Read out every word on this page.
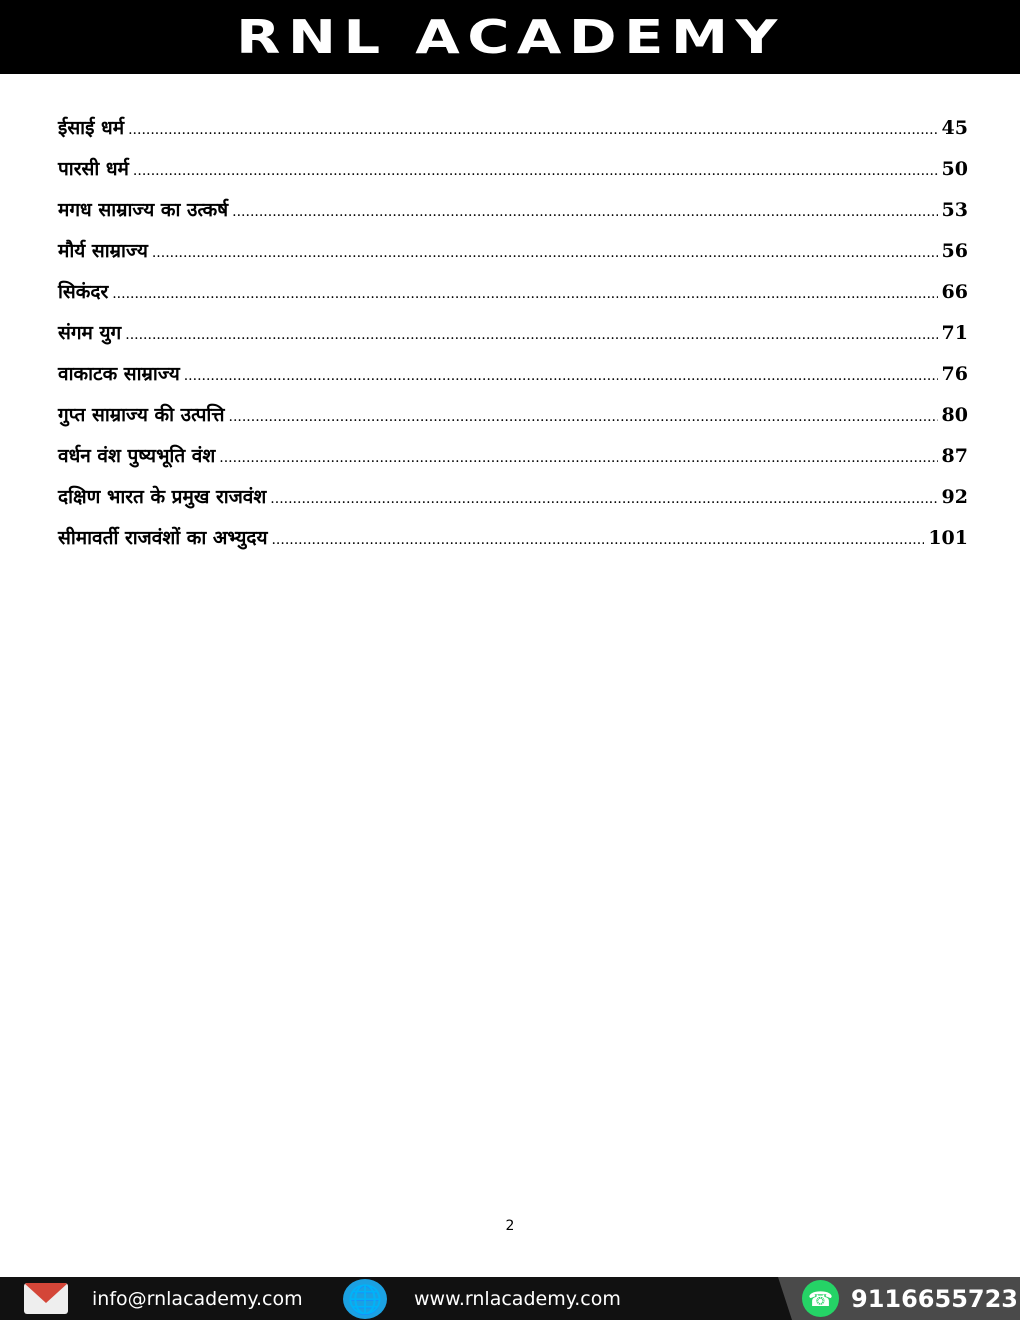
RNL ACADEMY
ईसाई धर्म .....	45
पारसी धर्म .....	50
मगध साम्राज्य का उत्कर्ष .....	53
मौर्य साम्राज्य .....	56
सिकंदर .....	66
संगम युग .....	71
वाकाटक साम्राज्य .....	76
गुप्त साम्राज्य की उत्पत्ति .....	80
वर्धन वंश पुष्यभूति वंश .....	87
दक्षिण भारत के प्रमुख राजवंश .....	92
सीमावर्ती राजवंशों का अभ्युदय .....	101
2
info@rnlacademy.com 🌐 www.rnlacademy.com	☎ 9116655723
